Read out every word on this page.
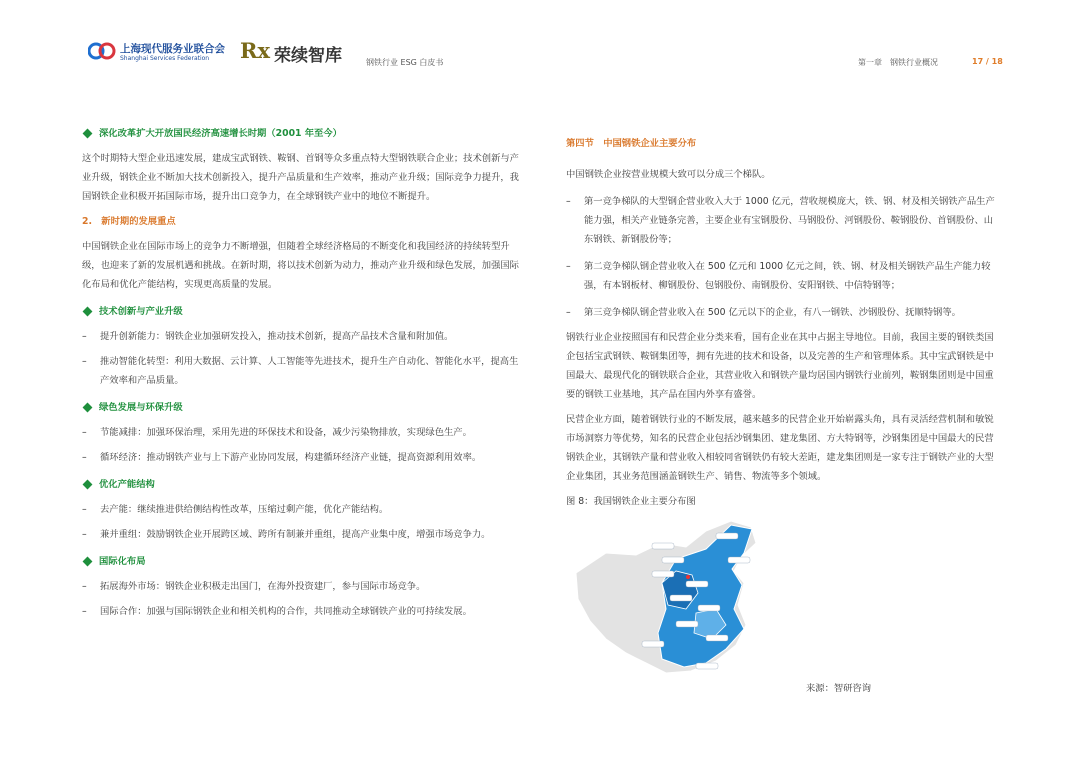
上海现代服务业联合会
Shanghai Services Federation Rx 荣续智库	钢铁行业 ESG 白皮书	第一章　钢铁行业概况	17 / 18
深化改革扩大开放国民经济高速增长时期（2001 年至今）

这个时期特大型企业迅速发展，建成宝武钢铁、鞍钢、首钢等众多重点特大型钢铁联合企业；技术创新与产业升级，钢铁企业不断加大技术创新投入，提升产品质量和生产效率，推动产业升级；国际竞争力提升，我国钢铁企业积极开拓国际市场，提升出口竞争力，在全球钢铁产业中的地位不断提升。

2.　新时期的发展重点

中国钢铁企业在国际市场上的竞争力不断增强，但随着全球经济格局的不断变化和我国经济的持续转型升级，也迎来了新的发展机遇和挑战。在新时期，将以技术创新为动力，推动产业升级和绿色发展，加强国际化布局和优化产能结构，实现更高质量的发展。

技术创新与产业升级
–	提升创新能力：钢铁企业加强研发投入，推动技术创新，提高产品技术含量和附加值。
–	推动智能化转型：利用大数据、云计算、人工智能等先进技术，提升生产自动化、智能化水平，提高生产效率和产品质量。
绿色发展与环保升级
–	节能减排：加强环保治理，采用先进的环保技术和设备，减少污染物排放，实现绿色生产。
–	循环经济：推动钢铁产业与上下游产业协同发展，构建循环经济产业链，提高资源利用效率。
优化产能结构
–	去产能：继续推进供给侧结构性改革，压缩过剩产能，优化产能结构。
–	兼并重组：鼓励钢铁企业开展跨区域、跨所有制兼并重组，提高产业集中度，增强市场竞争力。
国际化布局
–	拓展海外市场：钢铁企业积极走出国门，在海外投资建厂，参与国际市场竞争。
–	国际合作：加强与国际钢铁企业和相关机构的合作，共同推动全球钢铁产业的可持续发展。

第四节　中国钢铁企业主要分布

中国钢铁企业按营业规模大致可以分成三个梯队。

–	第一竞争梯队的大型钢企营业收入大于 1000 亿元，营收规模庞大，铁、钢、材及相关钢铁产品生产能力强，相关产业链条完善，主要企业有宝钢股份、马钢股份、河钢股份、鞍钢股份、首钢股份、山东钢铁、新钢股份等；
–	第二竞争梯队钢企营业收入在 500 亿元和 1000 亿元之间，铁、钢、材及相关钢铁产品生产能力较强，有本钢板材、柳钢股份、包钢股份、南钢股份、安阳钢铁、中信特钢等；
–	第三竞争梯队钢企营业收入在 500 亿元以下的企业，有八一钢铁、沙钢股份、抚顺特钢等。

钢铁行业企业按照国有和民营企业分类来看，国有企业在其中占据主导地位。目前，我国主要的钢铁类国企包括宝武钢铁、鞍钢集团等，拥有先进的技术和设备，以及完善的生产和管理体系。其中宝武钢铁是中国最大、最现代化的钢铁联合企业，其营业收入和钢铁产量均居国内钢铁行业前列，鞍钢集团则是中国重要的钢铁工业基地，其产品在国内外享有盛誉。

民营企业方面，随着钢铁行业的不断发展，越来越多的民营企业开始崭露头角，具有灵活经营机制和敏锐市场洞察力等优势，知名的民营企业包括沙钢集团、建龙集团、方大特钢等，沙钢集团是中国最大的民营钢铁企业，其钢铁产量和营业收入相较同省钢铁仍有较大差距，建龙集团则是一家专注于钢铁产业的大型企业集团，其业务范围涵盖钢铁生产、销售、物流等多个领域。

图 8：我国钢铁企业主要分布图

来源：智研咨询
